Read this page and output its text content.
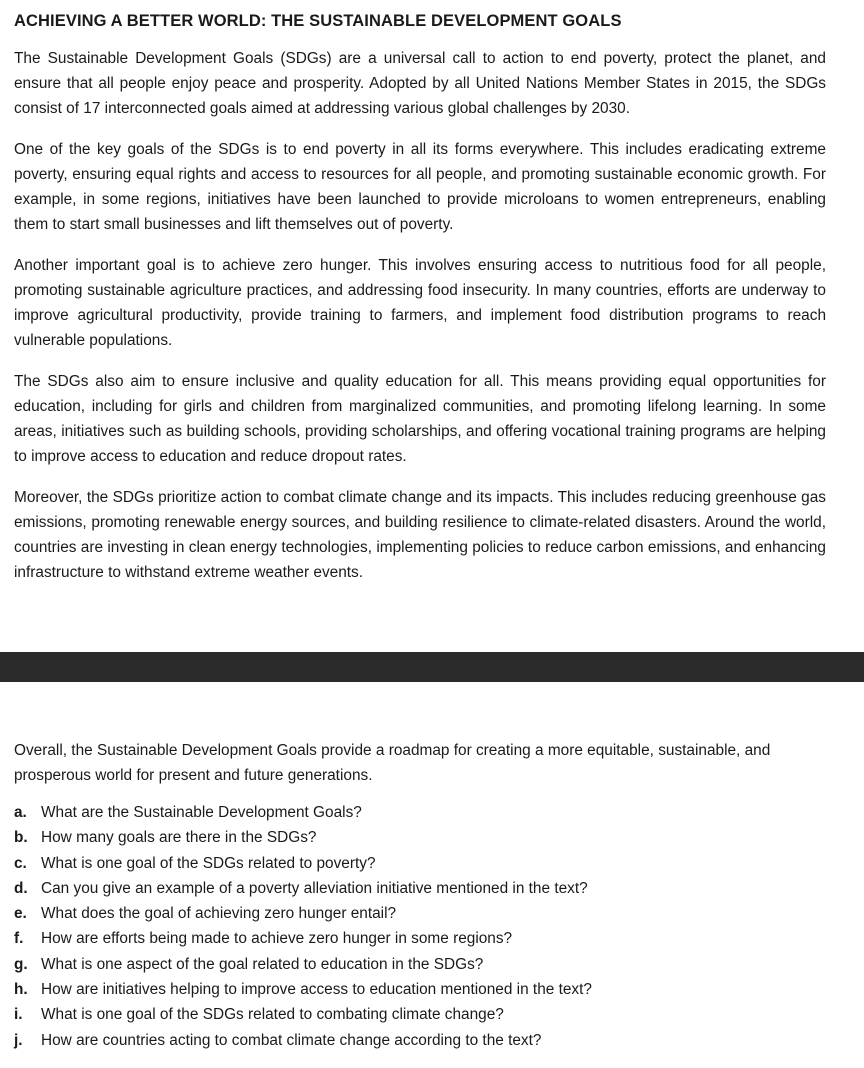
ACHIEVING A BETTER WORLD: THE SUSTAINABLE DEVELOPMENT GOALS

The Sustainable Development Goals (SDGs) are a universal call to action to end poverty, protect the planet, and ensure that all people enjoy peace and prosperity. Adopted by all United Nations Member States in 2015, the SDGs consist of 17 interconnected goals aimed at addressing various global challenges by 2030.

One of the key goals of the SDGs is to end poverty in all its forms everywhere. This includes eradicating extreme poverty, ensuring equal rights and access to resources for all people, and promoting sustainable economic growth. For example, in some regions, initiatives have been launched to provide microloans to women entrepreneurs, enabling them to start small businesses and lift themselves out of poverty.

Another important goal is to achieve zero hunger. This involves ensuring access to nutritious food for all people, promoting sustainable agriculture practices, and addressing food insecurity. In many countries, efforts are underway to improve agricultural productivity, provide training to farmers, and implement food distribution programs to reach vulnerable populations.

The SDGs also aim to ensure inclusive and quality education for all. This means providing equal opportunities for education, including for girls and children from marginalized communities, and promoting lifelong learning. In some areas, initiatives such as building schools, providing scholarships, and offering vocational training programs are helping to improve access to education and reduce dropout rates.

Moreover, the SDGs prioritize action to combat climate change and its impacts. This includes reducing greenhouse gas emissions, promoting renewable energy sources, and building resilience to climate-related disasters. Around the world, countries are investing in clean energy technologies, implementing policies to reduce carbon emissions, and enhancing infrastructure to withstand extreme weather events.

Overall, the Sustainable Development Goals provide a roadmap for creating a more equitable, sustainable, and prosperous world for present and future generations.

a. What are the Sustainable Development Goals?
b. How many goals are there in the SDGs?
c. What is one goal of the SDGs related to poverty?
d. Can you give an example of a poverty alleviation initiative mentioned in the text?
e. What does the goal of achieving zero hunger entail?
f.	How are efforts being made to achieve zero hunger in some regions?
g. What is one aspect of the goal related to education in the SDGs?
h. How are initiatives helping to improve access to education mentioned in the text?
i.	What is one goal of the SDGs related to combating climate change?
j.	How are countries acting to combat climate change according to the text?
